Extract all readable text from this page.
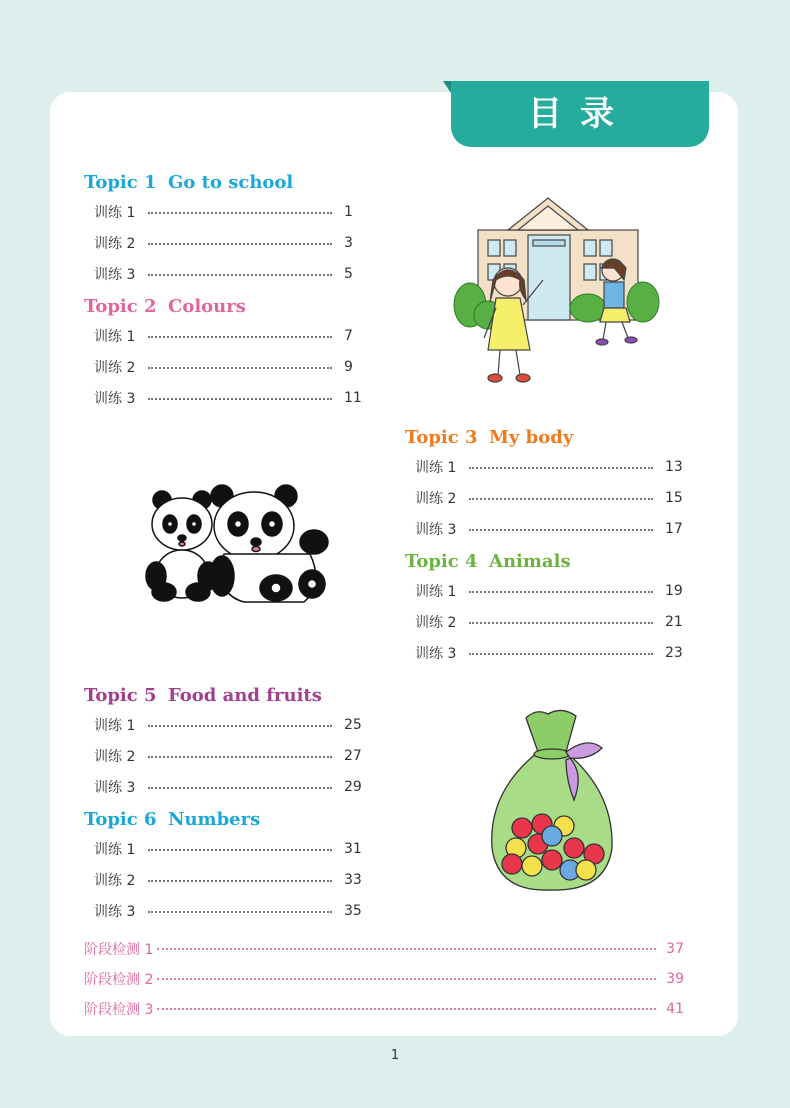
目录
Topic 1 Go to school
训练 1	1
训练 2	3
训练 3	5
Topic 2 Colours
训练 1	7
训练 2	9
训练 3	11
Topic 3 My body
训练 1	13
训练 2	15
训练 3	17
Topic 4 Animals
训练 1	19
训练 2	21
训练 3	23
Topic 5 Food and fruits
训练 1	25
训练 2	27
训练 3	29
Topic 6 Numbers
训练 1	31
训练 2	33
训练 3	35
阶段检测 1	37
阶段检测 2	39
阶段检测 3	41
1
